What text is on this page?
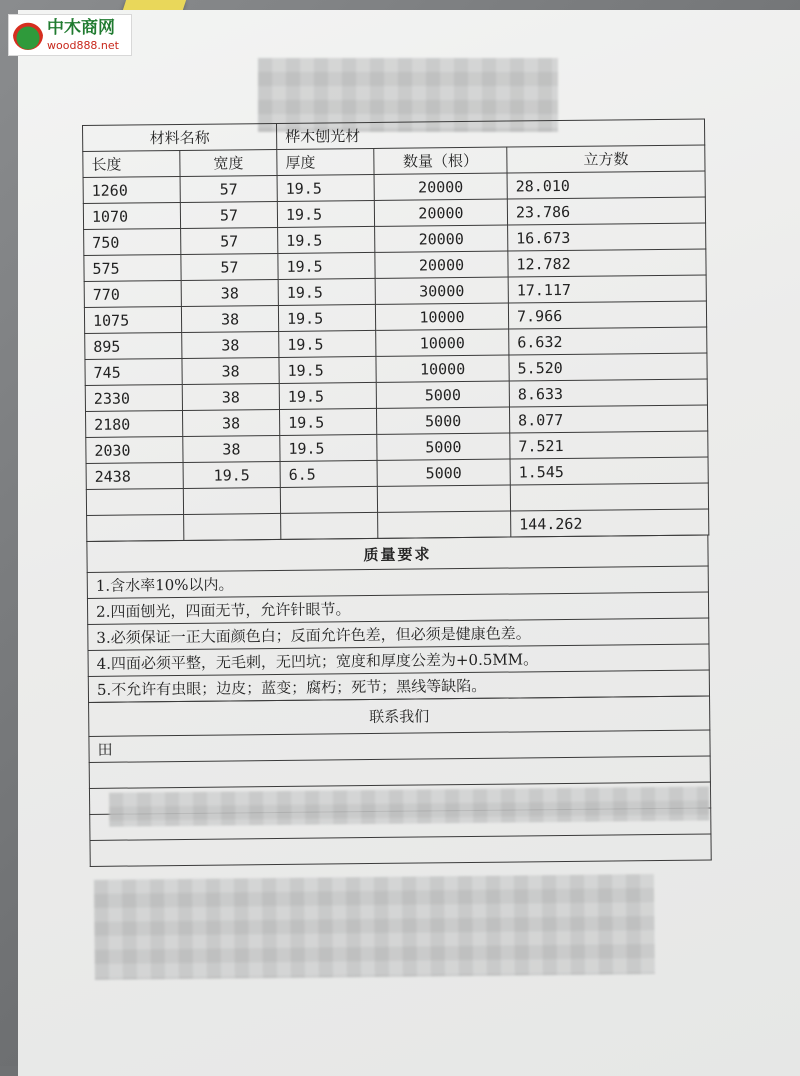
中木商网
wood888.net
材料名称		桦木刨光材		
长度	宽度	厚度	数量（根）	立方数
1260	57	19.5	20000	28.010
1070	57	19.5	20000	23.786
750	57	19.5	20000	16.673
575	57	19.5	20000	12.782
770	38	19.5	30000	17.117
1075	38	19.5	10000	7.966
895	38	19.5	10000	6.632
745	38	19.5	10000	5.520
2330	38	19.5	5000	8.633
2180	38	19.5	5000	8.077
2030	38	19.5	5000	7.521
2438	19.5	6.5	5000	1.545

				144.262
质量要求
1.含水率10%以内。
2.四面刨光，四面无节，允许针眼节。
3.必须保证一正大面颜色白；反面允许色差，但必须是健康色差。
4.四面必须平整，无毛刺，无凹坑；宽度和厚度公差为+0.5MM。
5.不允许有虫眼；边皮；蓝变；腐朽；死节；黑线等缺陷。
联系我们
田
